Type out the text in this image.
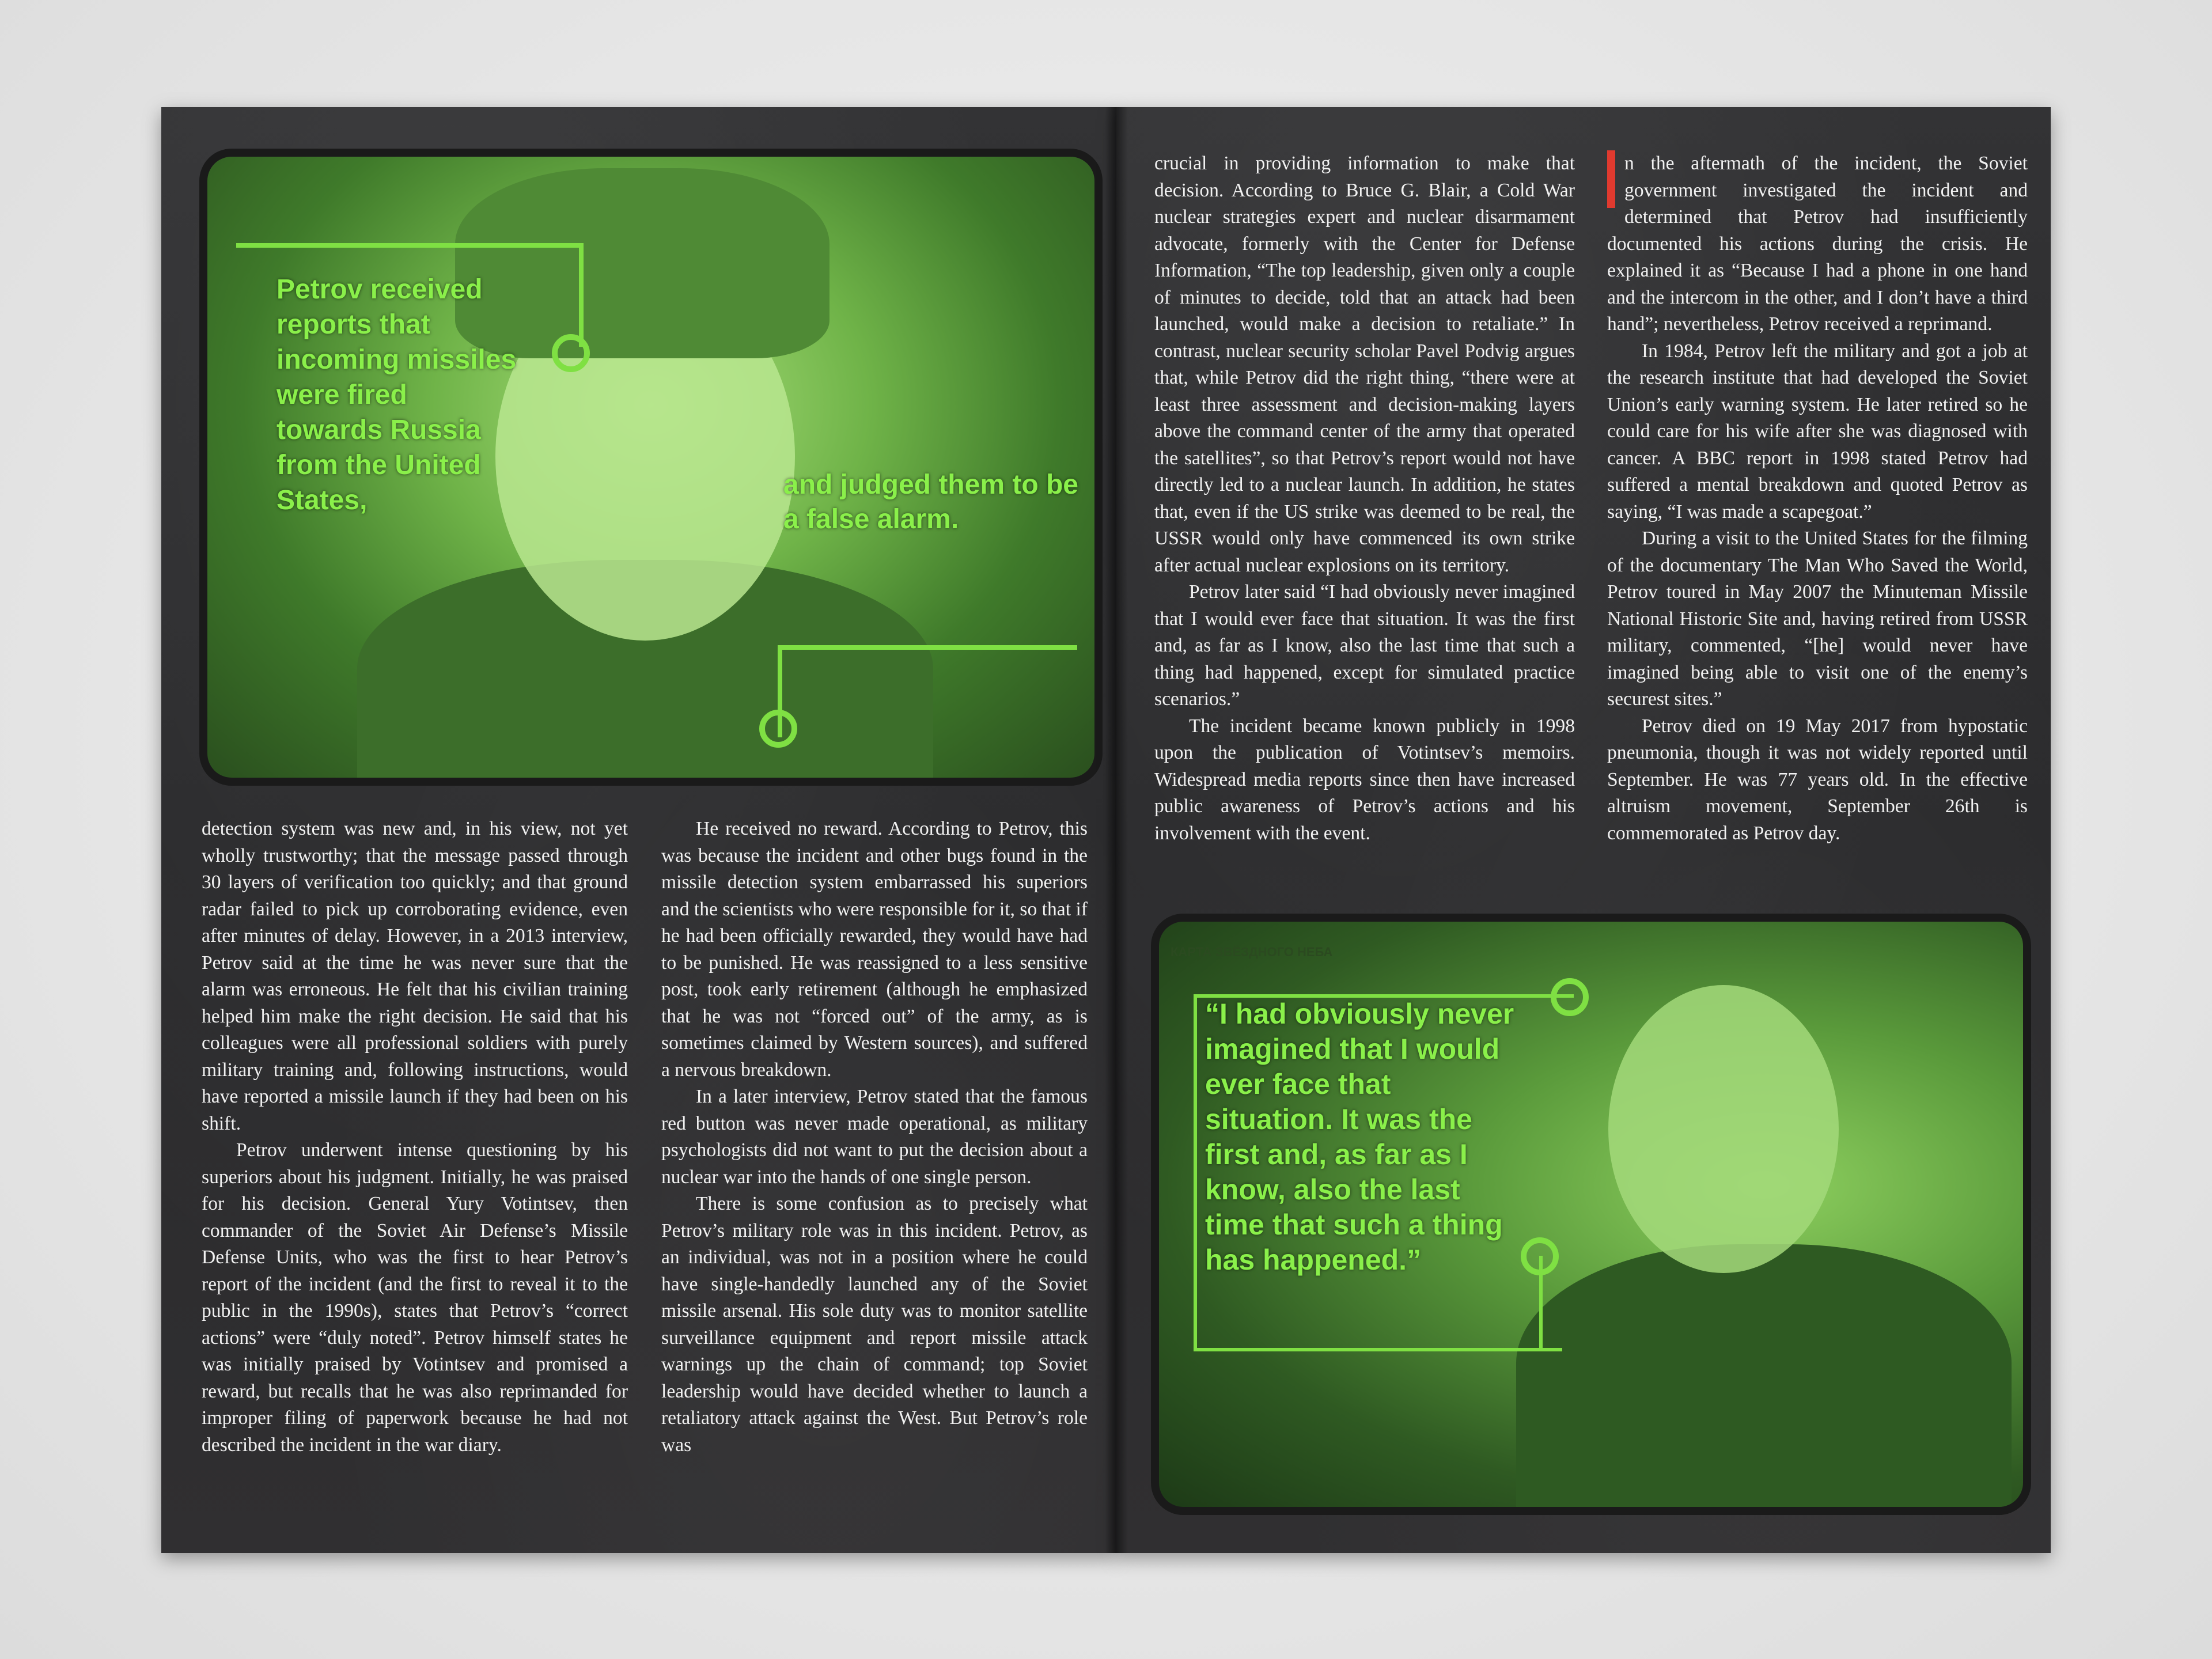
Petrov received reports that incoming missiles were fired towards Russia from the United States,
and judged them to be a false alarm.

detection system was new and, in his view, not yet wholly trustworthy; that the message passed through 30 layers of verification too quickly; and that ground radar failed to pick up corroborating evidence, even after minutes of delay. However, in a 2013 interview, Petrov said at the time he was never sure that the alarm was erroneous. He felt that his civilian training helped him make the right decision. He said that his colleagues were all professional soldiers with purely military training and, following instructions, would have reported a missile launch if they had been on his shift.

Petrov underwent intense questioning by his superiors about his judgment. Initially, he was praised for his decision. General Yury Votintsev, then commander of the Soviet Air Defense’s Missile Defense Units, who was the first to hear Petrov’s report of the incident (and the first to reveal it to the public in the 1990s), states that Petrov’s “correct actions” were “duly noted”. Petrov himself states he was initially praised by Votintsev and promised a reward, but recalls that he was also reprimanded for improper filing of paperwork because he had not described the incident in the war diary.

He received no reward. According to Petrov, this was because the incident and other bugs found in the missile detection system embarrassed his superiors and the scientists who were responsible for it, so that if he had been officially rewarded, they would have had to be punished. He was reassigned to a less sensitive post, took early retirement (although he emphasized that he was not “forced out” of the army, as is sometimes claimed by Western sources), and suffered a nervous breakdown.

In a later interview, Petrov stated that the famous red button was never made operational, as military psychologists did not want to put the decision about a nuclear war into the hands of one single person.

There is some confusion as to precisely what Petrov’s military role was in this incident. Petrov, as an individual, was not in a position where he could have single-handedly launched any of the Soviet missile arsenal. His sole duty was to monitor satellite surveillance equipment and report missile attack warnings up the chain of command; top Soviet leadership would have decided whether to launch a retaliatory attack against the West. But Petrov’s role was

crucial in providing information to make that decision. According to Bruce G. Blair, a Cold War nuclear strategies expert and nuclear disarmament advocate, formerly with the Center for Defense Information, “The top leadership, given only a couple of minutes to decide, told that an attack had been launched, would make a decision to retaliate.” In contrast, nuclear security scholar Pavel Podvig argues that, while Petrov did the right thing, “there were at least three assessment and decision-making layers above the command center of the army that operated the satellites”, so that Petrov’s report would not have directly led to a nuclear launch. In addition, he states that, even if the US strike was deemed to be real, the USSR would only have commenced its own strike after actual nuclear explosions on its territory.

Petrov later said “I had obviously never imagined that I would ever face that situation. It was the first and, as far as I know, also the last time that such a thing had happened, except for simulated practice scenarios.”

The incident became known publicly in 1998 upon the publication of Votintsev’s memoirs. Widespread media reports since then have increased public awareness of Petrov’s actions and his involvement with the event.

n the aftermath of the incident, the Soviet government investigated the incident and determined that Petrov had insufficiently documented his actions during the crisis. He explained it as “Because I had a phone in one hand and the intercom in the other, and I don’t have a third hand”; nevertheless, Petrov received a reprimand.

In 1984, Petrov left the military and got a job at the research institute that had developed the Soviet Union’s early warning system. He later retired so he could care for his wife after she was diagnosed with cancer. A BBC report in 1998 stated Petrov had suffered a mental breakdown and quoted Petrov as saying, “I was made a scapegoat.”

During a visit to the United States for the filming of the documentary The Man Who Saved the World, Petrov toured in May 2007 the Minuteman Missile National Historic Site and, having retired from USSR military, commented, “[he] would never have imagined being able to visit one of the enemy’s securest sites.”

Petrov died on 19 May 2017 from hypostatic pneumonia, though it was not widely reported until September. He was 77 years old. In the effective altruism movement, September 26th is commemorated as Petrov day.

КАРТА ЗВЁЗДНОГО НЕБА
“I had obviously never imagined that I would ever face that situation. It was the first and, as far as I know, also the last time that such a thing has happened.”
